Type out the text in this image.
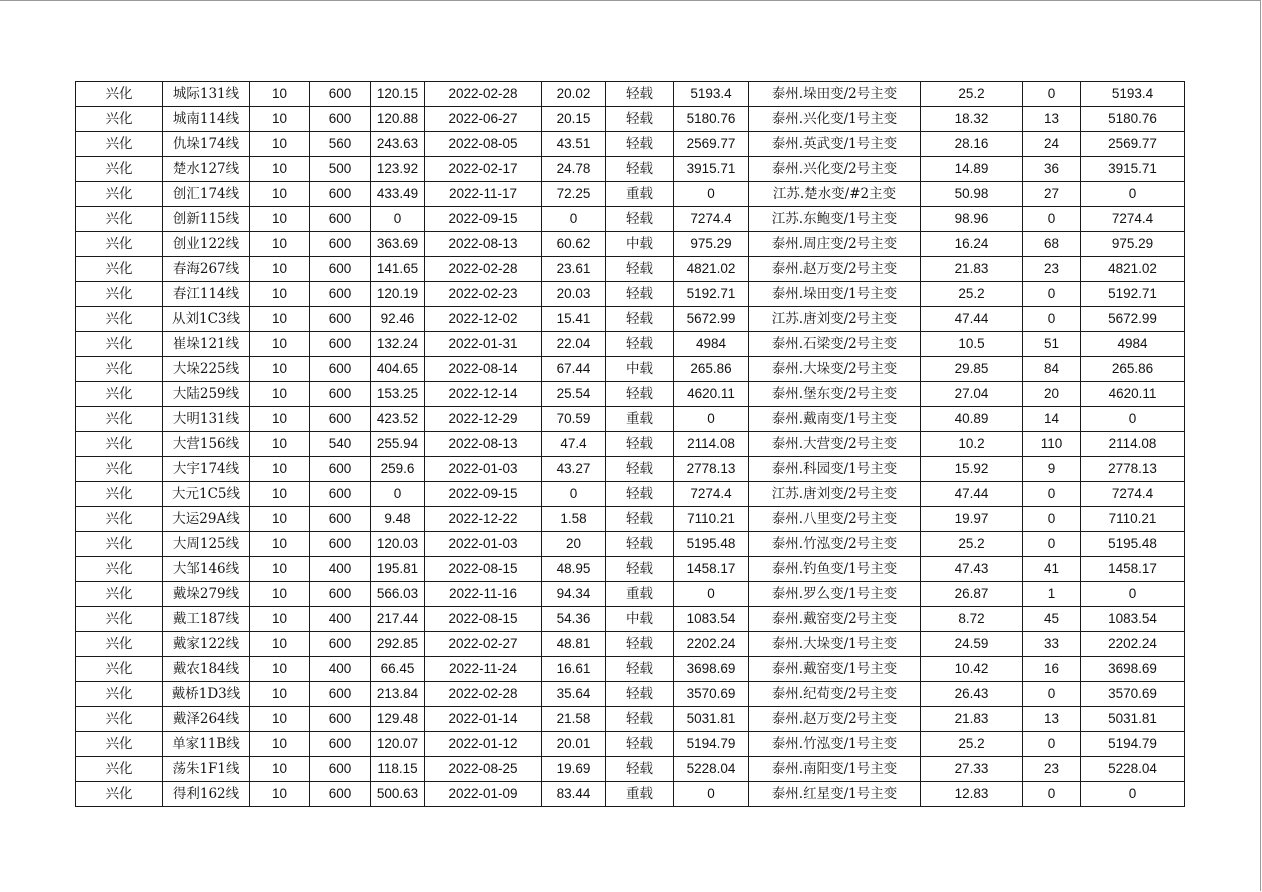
兴化	城际131线	10	600	120.15	2022-02-28	20.02	轻载	5193.4	泰州.垛田变/2号主变	25.2	0	5193.4
兴化	城南114线	10	600	120.88	2022-06-27	20.15	轻载	5180.76	泰州.兴化变/1号主变	18.32	13	5180.76
兴化	仇垛174线	10	560	243.63	2022-08-05	43.51	轻载	2569.77	泰州.英武变/1号主变	28.16	24	2569.77
兴化	楚水127线	10	500	123.92	2022-02-17	24.78	轻载	3915.71	泰州.兴化变/2号主变	14.89	36	3915.71
兴化	创汇174线	10	600	433.49	2022-11-17	72.25	重载	0	江苏.楚水变/#2主变	50.98	27	0
兴化	创新115线	10	600	0	2022-09-15	0	轻载	7274.4	江苏.东鲍变/1号主变	98.96	0	7274.4
兴化	创业122线	10	600	363.69	2022-08-13	60.62	中载	975.29	泰州.周庄变/2号主变	16.24	68	975.29
兴化	春海267线	10	600	141.65	2022-02-28	23.61	轻载	4821.02	泰州.赵万变/2号主变	21.83	23	4821.02
兴化	春江114线	10	600	120.19	2022-02-23	20.03	轻载	5192.71	泰州.垛田变/1号主变	25.2	0	5192.71
兴化	从刘1C3线	10	600	92.46	2022-12-02	15.41	轻载	5672.99	江苏.唐刘变/2号主变	47.44	0	5672.99
兴化	崔垛121线	10	600	132.24	2022-01-31	22.04	轻载	4984	泰州.石梁变/2号主变	10.5	51	4984
兴化	大垛225线	10	600	404.65	2022-08-14	67.44	中载	265.86	泰州.大垛变/2号主变	29.85	84	265.86
兴化	大陆259线	10	600	153.25	2022-12-14	25.54	轻载	4620.11	泰州.堡东变/2号主变	27.04	20	4620.11
兴化	大明131线	10	600	423.52	2022-12-29	70.59	重载	0	泰州.戴南变/1号主变	40.89	14	0
兴化	大营156线	10	540	255.94	2022-08-13	47.4	轻载	2114.08	泰州.大营变/2号主变	10.2	110	2114.08
兴化	大宇174线	10	600	259.6	2022-01-03	43.27	轻载	2778.13	泰州.科园变/1号主变	15.92	9	2778.13
兴化	大元1C5线	10	600	0	2022-09-15	0	轻载	7274.4	江苏.唐刘变/2号主变	47.44	0	7274.4
兴化	大运29A线	10	600	9.48	2022-12-22	1.58	轻载	7110.21	泰州.八里变/2号主变	19.97	0	7110.21
兴化	大周125线	10	600	120.03	2022-01-03	20	轻载	5195.48	泰州.竹泓变/2号主变	25.2	0	5195.48
兴化	大邹146线	10	400	195.81	2022-08-15	48.95	轻载	1458.17	泰州.钓鱼变/1号主变	47.43	41	1458.17
兴化	戴垛279线	10	600	566.03	2022-11-16	94.34	重载	0	泰州.罗么变/1号主变	26.87	1	0
兴化	戴工187线	10	400	217.44	2022-08-15	54.36	中载	1083.54	泰州.戴窑变/2号主变	8.72	45	1083.54
兴化	戴家122线	10	600	292.85	2022-02-27	48.81	轻载	2202.24	泰州.大垛变/1号主变	24.59	33	2202.24
兴化	戴农184线	10	400	66.45	2022-11-24	16.61	轻载	3698.69	泰州.戴窑变/1号主变	10.42	16	3698.69
兴化	戴桥1D3线	10	600	213.84	2022-02-28	35.64	轻载	3570.69	泰州.纪荀变/2号主变	26.43	0	3570.69
兴化	戴泽264线	10	600	129.48	2022-01-14	21.58	轻载	5031.81	泰州.赵万变/2号主变	21.83	13	5031.81
兴化	单家11B线	10	600	120.07	2022-01-12	20.01	轻载	5194.79	泰州.竹泓变/1号主变	25.2	0	5194.79
兴化	荡朱1F1线	10	600	118.15	2022-08-25	19.69	轻载	5228.04	泰州.南阳变/1号主变	27.33	23	5228.04
兴化	得利162线	10	600	500.63	2022-01-09	83.44	重载	0	泰州.红星变/1号主变	12.83	0	0
